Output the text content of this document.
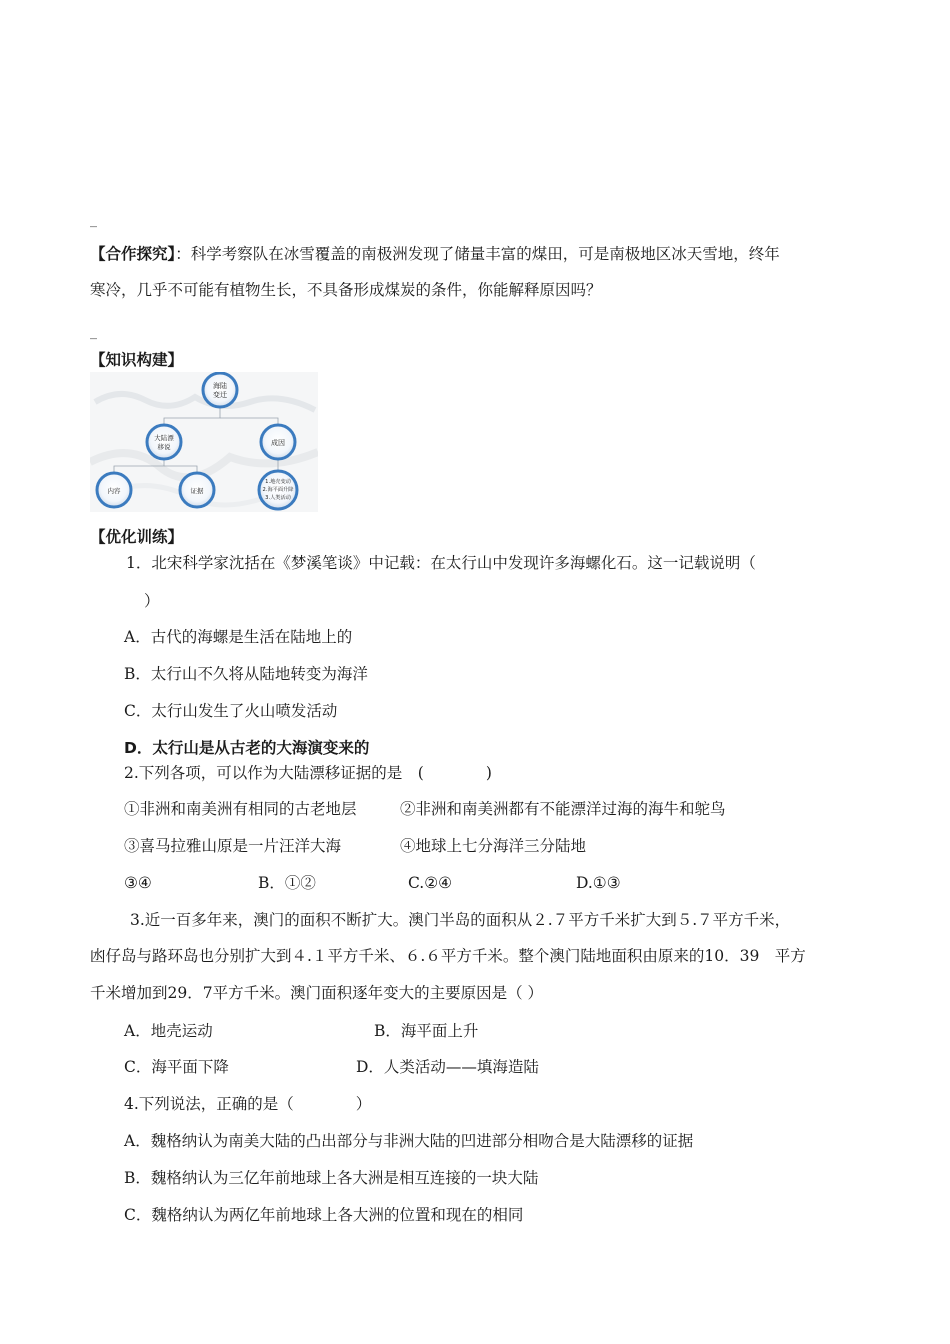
_
【合作探究】：科学考察队在冰雪覆盖的南极洲发现了储量丰富的煤田，可是南极地区冰天雪地，终年
寒冷，几乎不可能有植物生长，不具备形成煤炭的条件，你能解释原因吗？
_
【知识构建】
海陆
变迁
大陆漂
移说	成因
内容	证据
1.地壳变动
2.海平面升降
3.人类活动
【优化训练】
1．北宋科学家沈括在《梦溪笔谈》中记载：在太行山中发现许多海螺化石。这一记载说明（
）
A．古代的海螺是生活在陆地上的
B．太行山不久将从陆地转变为海洋
C．太行山发生了火山喷发活动
D．太行山是从古老的大海演变来的
2.下列各项，可以作为大陆漂移证据的是　(　　　　)
①非洲和南美洲有相同的古老地层	②非洲和南美洲都有不能漂洋过海的海牛和鸵鸟
③喜马拉雅山原是一片汪洋大海	④地球上七分海洋三分陆地
③④	B．①②	C.②④	D.①③
3.近一百多年来，澳门的面积不断扩大。澳门半岛的面积从２.７平方千米扩大到５.７平方千米，
凼仔岛与路环岛也分别扩大到４.１平方千米、６.６平方千米。整个澳门陆地面积由原来的10．39　平方
千米增加到29．7平方千米。澳门面积逐年变大的主要原因是（ ）
A．地壳运动	B．海平面上升
C．海平面下降	D．人类活动——填海造陆
4.下列说法，正确的是（　　　　）
A．魏格纳认为南美大陆的凸出部分与非洲大陆的凹进部分相吻合是大陆漂移的证据
B．魏格纳认为三亿年前地球上各大洲是相互连接的一块大陆
C．魏格纳认为两亿年前地球上各大洲的位置和现在的相同
